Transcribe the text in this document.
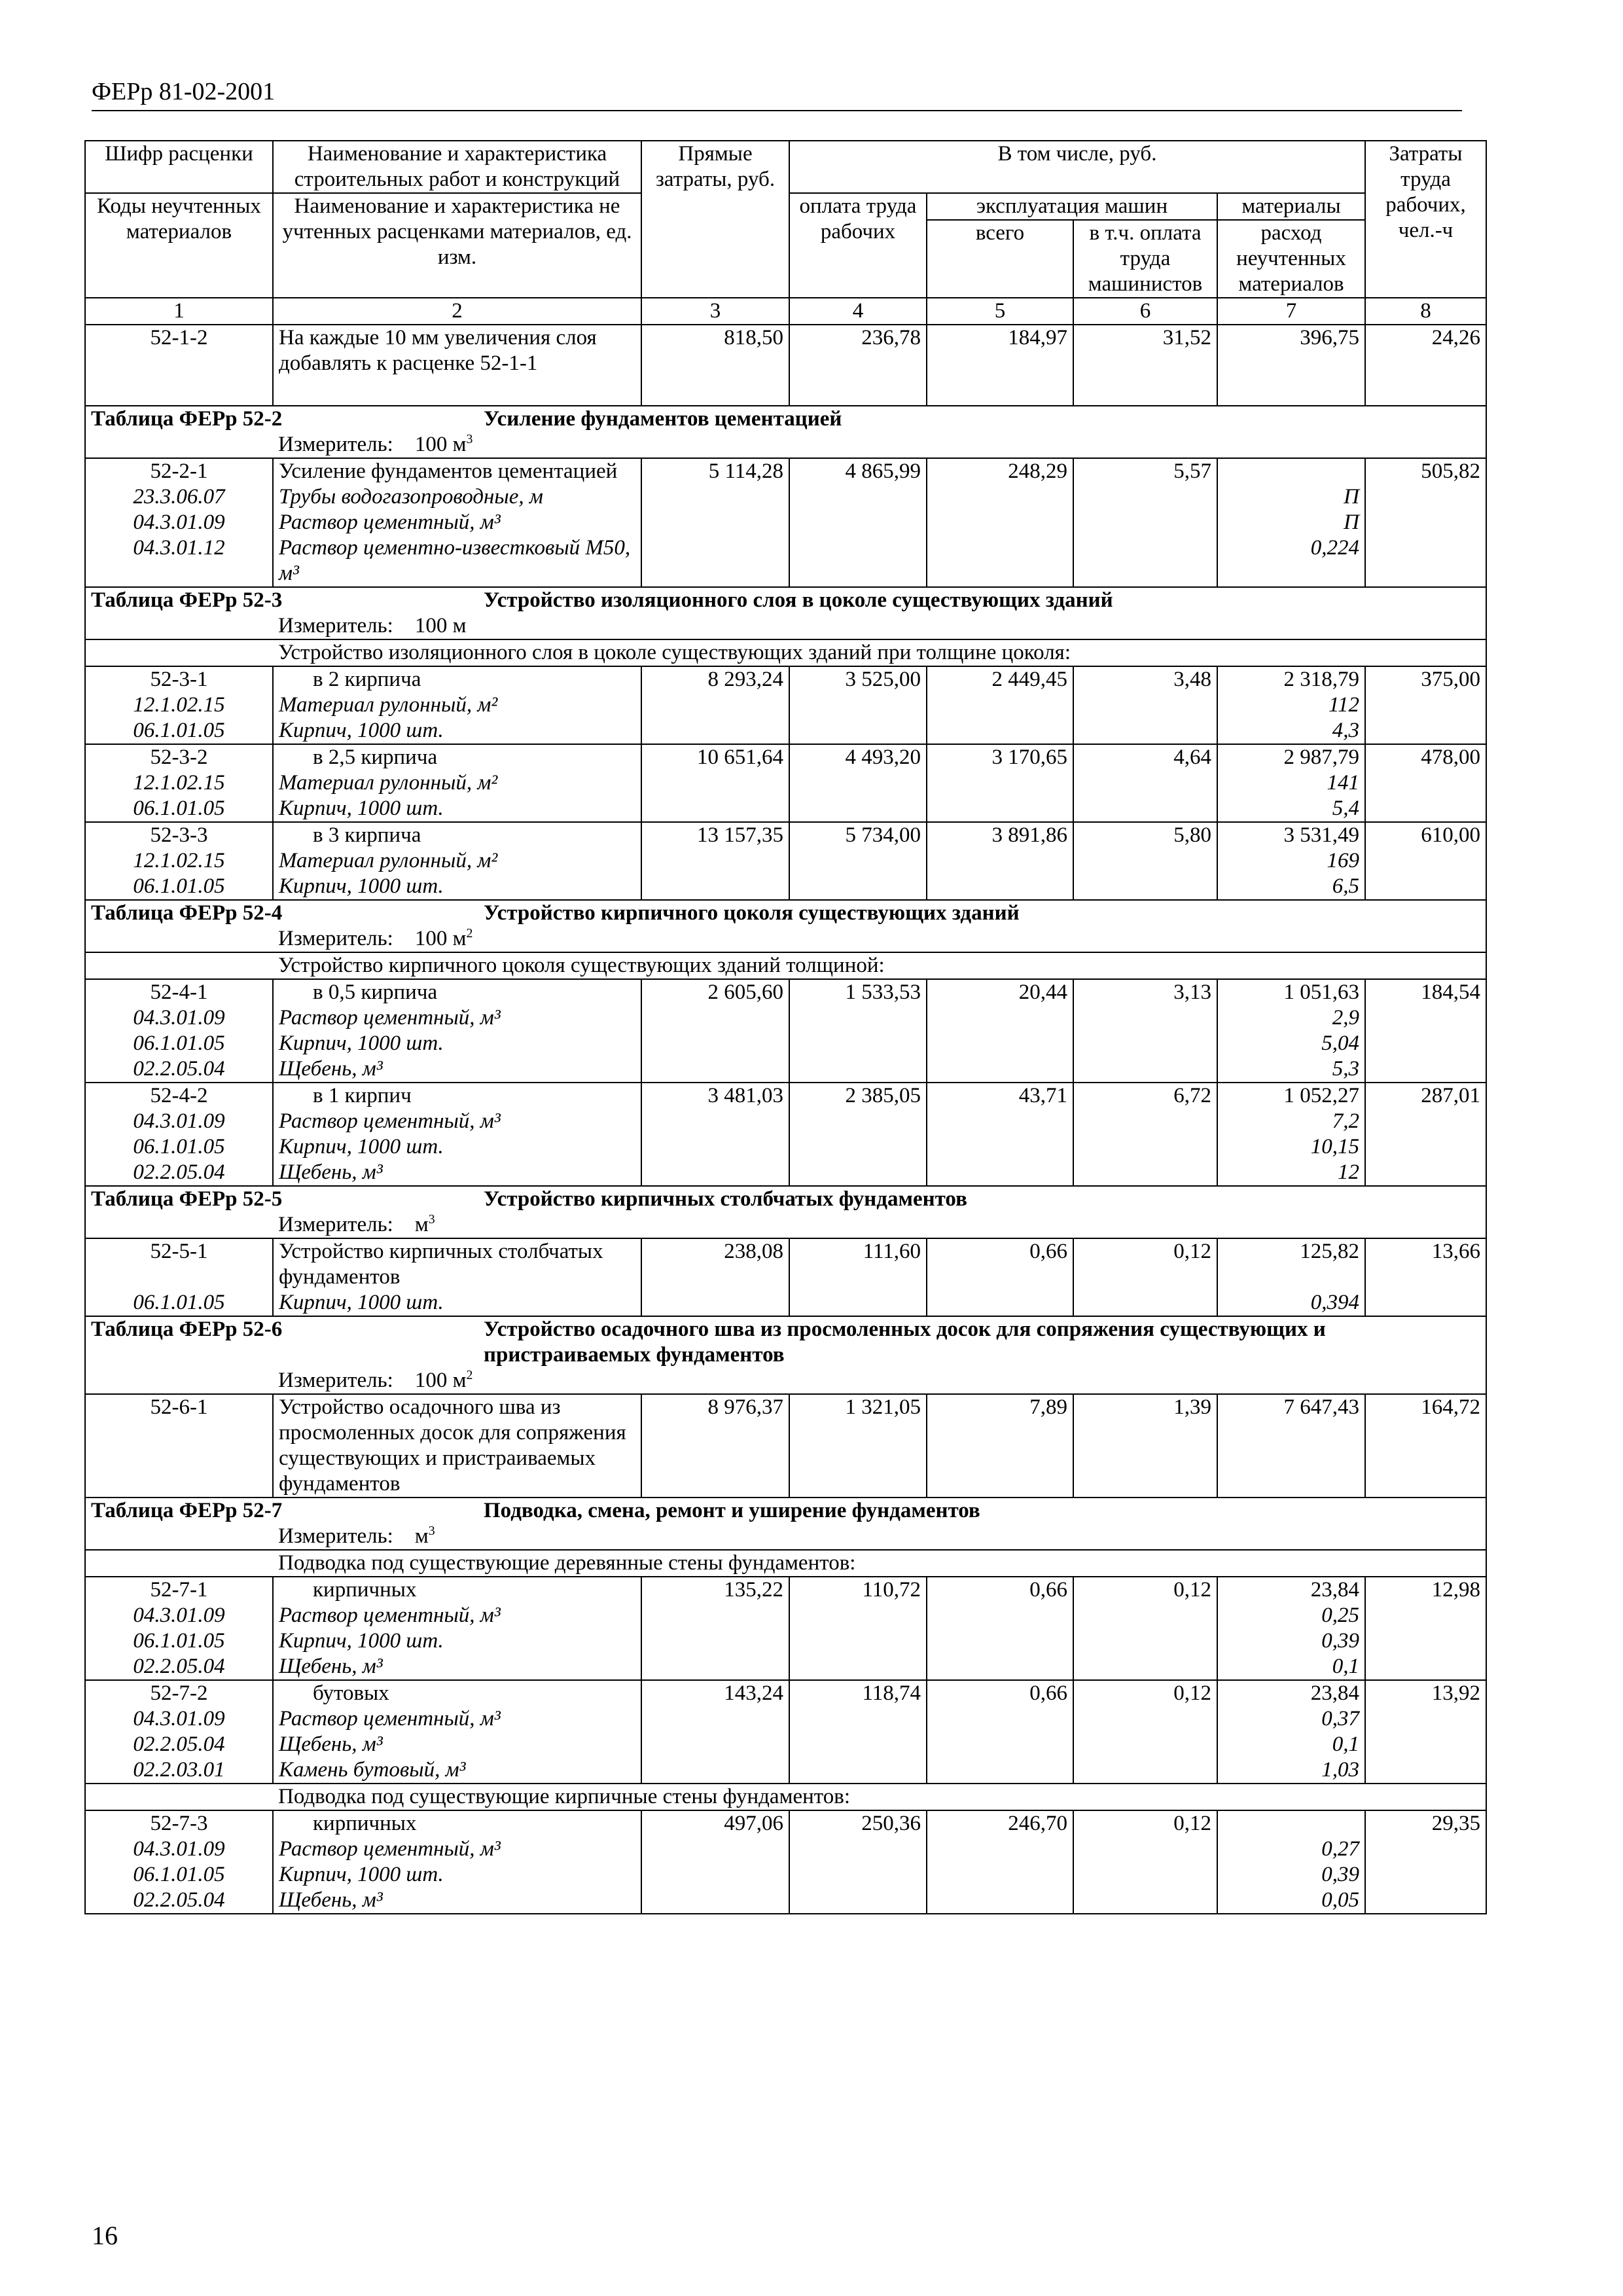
ФЕРр 81-02-2001
Шифр расценки	Наименование и характеристика строительных работ и конструкций	Прямые затраты, руб.	В том числе, руб.				Затраты труда рабочих, чел.-ч
Коды неучтенных материалов	Наименование и характеристика не учтенных расценками материалов, ед. изм.		оплата труда рабочих	эксплуатация машин		материалы	
				всего	в т.ч. оплата труда машинистов	расход неучтенных материалов	
1	2	3	4	5	6	7	8
52-1-2	На каждые 10 мм увеличения слоя добавлять к расценке 52-1-1	818,50	236,78	184,97	31,52	396,75	24,26

Таблица ФЕРр 52-2 Усиление фундаментов цементацией							

	Измеритель: 100 $м^3$
52-2-1	Усиление фундаментов цементацией	5 114,28	4 865,99	248,29	5,57		505,82
23.3.06.07	Трубы водогазопроводные, м					П	
04.3.01.09	Раствор цементный, м³					П	
04.3.01.12	Раствор цементно-известковый М50, м³					0,224	

Таблица ФЕРр 52-3 Устройство изоляционного слоя в цоколе существующих зданий							

	Измеритель: 100 м						
	Устройство изоляционного слоя в цоколе существующих зданий при толщине цоколя:						
52-3-1	в 2 кирпича	8 293,24	3 525,00	2 449,45	3,48	2 318,79	375,00
12.1.02.15	Материал рулонный, м²					112	
06.1.01.05	Кирпич, 1000 шт.					4,3	
52-3-2	в 2,5 кирпича	10 651,64	4 493,20	3 170,65	4,64	2 987,79	478,00
12.1.02.15	Материал рулонный, м²					141	
06.1.01.05	Кирпич, 1000 шт.					5,4	
52-3-3	в 3 кирпича	13 157,35	5 734,00	3 891,86	5,80	3 531,49	610,00
12.1.02.15	Материал рулонный, м²					169	
06.1.01.05	Кирпич, 1000 шт.					6,5	

Таблица ФЕРр 52-4 Устройство кирпичного цоколя существующих зданий							

	Измеритель: 100 $м^2$
	Устройство кирпичного цоколя существующих зданий толщиной:						
52-4-1	в 0,5 кирпича	2 605,60	1 533,53	20,44	3,13	1 051,63	184,54
04.3.01.09	Раствор цементный, м³					2,9	
06.1.01.05	Кирпич, 1000 шт.					5,04	
02.2.05.04	Щебень, м³					5,3	
52-4-2	в 1 кирпич	3 481,03	2 385,05	43,71	6,72	1 052,27	287,01
04.3.01.09	Раствор цементный, м³					7,2	
06.1.01.05	Кирпич, 1000 шт.					10,15	
02.2.05.04	Щебень, м³					12	

Таблица ФЕРр 52-5 Устройство кирпичных столбчатых фундаментов							

	Измеритель: $м^3$
52-5-1	Устройство кирпичных столбчатых фундаментов	238,08	111,60	0,66	0,12	125,82	13,66
06.1.01.05	Кирпич, 1000 шт.					0,394	

Таблица ФЕРр 52-6 Устройство осадочного шва из просмоленных досок для сопряжения существующих и пристраиваемых фундаментов							

	Измеритель: 100 $м^2$
52-6-1	Устройство осадочного шва из просмоленных досок для сопряжения существующих и пристраиваемых фундаментов	8 976,37	1 321,05	7,89	1,39	7 647,43	164,72

Таблица ФЕРр 52-7 Подводка, смена, ремонт и уширение фундаментов							

	Измеритель: $м^3$
	Подводка под существующие деревянные стены фундаментов:						
52-7-1	кирпичных	135,22	110,72	0,66	0,12	23,84	12,98
04.3.01.09	Раствор цементный, м³					0,25	
06.1.01.05	Кирпич, 1000 шт.					0,39	
02.2.05.04	Щебень, м³					0,1	
52-7-2	бутовых	143,24	118,74	0,66	0,12	23,84	13,92
04.3.01.09	Раствор цементный, м³					0,37	
02.2.05.04	Щебень, м³					0,1	
02.2.03.01	Камень бутовый, м³					1,03	
	Подводка под существующие кирпичные стены фундаментов:						
52-7-3	кирпичных	497,06	250,36	246,70	0,12		29,35
04.3.01.09	Раствор цементный, м³					0,27	
06.1.01.05	Кирпич, 1000 шт.					0,39	
02.2.05.04	Щебень, м³					0,05	
16
